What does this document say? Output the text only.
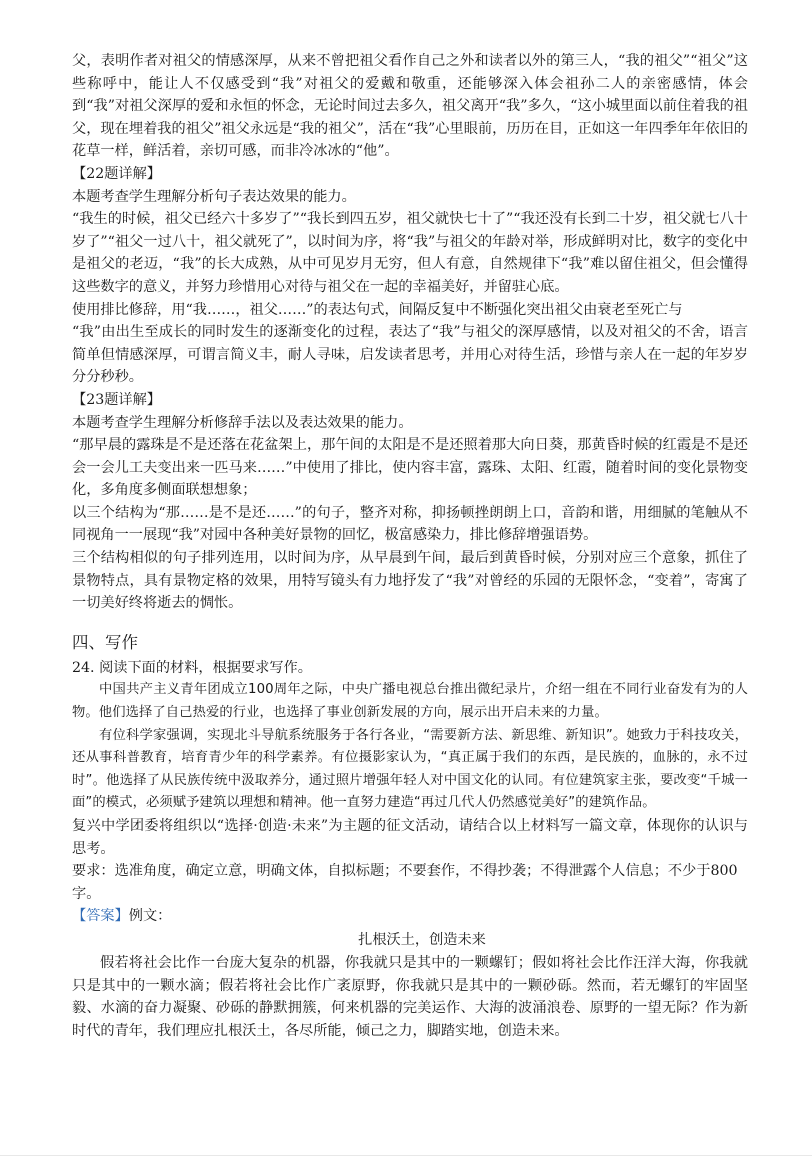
父，表明作者对祖父的情感深厚，从来不曾把祖父看作自己之外和读者以外的第三人，“我的祖父”“祖父”这些称呼中，能让人不仅感受到“我”对祖父的爱戴和敬重，还能够深入体会祖孙二人的亲密感情，体会到“我”对祖父深厚的爱和永恒的怀念，无论时间过去多久，祖父离开“我”多久，“这小城里面以前住着我的祖父，现在埋着我的祖父”祖父永远是“我的祖父”，活在“我”心里眼前，历历在目，正如这一年四季年年依旧的花草一样，鲜活着，亲切可感，而非冷冰冰的“他”。

【22题详解】

本题考查学生理解分析句子表达效果的能力。

“我生的时候，祖父已经六十多岁了”“我长到四五岁，祖父就快七十了”“我还没有长到二十岁，祖父就七八十岁了”“祖父一过八十，祖父就死了”，以时间为序，将“我”与祖父的年龄对举，形成鲜明对比，数字的变化中是祖父的老迈，“我”的长大成熟，从中可见岁月无穷，但人有意，自然规律下“我”难以留住祖父，但会懂得这些数字的意义，并努力珍惜用心对待与祖父在一起的幸福美好，并留驻心底。

使用排比修辞，用“我……，祖父……”的表达句式，间隔反复中不断强化突出祖父由衰老至死亡与

“我”由出生至成长的同时发生的逐渐变化的过程，表达了“我”与祖父的深厚感情，以及对祖父的不舍，语言简单但情感深厚，可谓言简义丰，耐人寻味，启发读者思考，并用心对待生活，珍惜与亲人在一起的年岁岁分分秒秒。

【23题详解】

本题考查学生理解分析修辞手法以及表达效果的能力。

“那早晨的露珠是不是还落在花盆架上，那午间的太阳是不是还照着那大向日葵，那黄昏时候的红霞是不是还会一会儿工夫变出来一匹马来……”中使用了排比，使内容丰富，露珠、太阳、红霞，随着时间的变化景物变化，多角度多侧面联想想象；

以三个结构为“那……是不是还……”的句子，整齐对称，抑扬顿挫朗朗上口，音韵和谐，用细腻的笔触从不同视角一一展现“我”对园中各种美好景物的回忆，极富感染力，排比修辞增强语势。

三个结构相似的句子排列连用，以时间为序，从早晨到午间，最后到黄昏时候，分别对应三个意象，抓住了景物特点，具有景物定格的效果，用特写镜头有力地抒发了“我”对曾经的乐园的无限怀念，“变着”，寄寓了一切美好终将逝去的惆怅。

四、写作

24. 阅读下面的材料，根据要求写作。

中国共产主义青年团成立100周年之际，中央广播电视总台推出微纪录片，介绍一组在不同行业奋发有为的人物。他们选择了自己热爱的行业，也选择了事业创新发展的方向，展示出开启未来的力量。

有位科学家强调，实现北斗导航系统服务于各行各业，“需要新方法、新思维、新知识”。她致力于科技攻关，还从事科普教育，培育青少年的科学素养。有位摄影家认为，“真正属于我们的东西，是民族的，血脉的，永不过时”。他选择了从民族传统中汲取养分，通过照片增强年轻人对中国文化的认同。有位建筑家主张，要改变“千城一面”的模式，必须赋予建筑以理想和精神。他一直努力建造“再过几代人仍然感觉美好”的建筑作品。

复兴中学团委将组织以“选择·创造·未来”为主题的征文活动，请结合以上材料写一篇文章，体现你的认识与思考。

要求：选准角度，确定立意，明确文体，自拟标题；不要套作，不得抄袭；不得泄露个人信息；不少于800字。

【答案】例文：

扎根沃土，创造未来

假若将社会比作一台庞大复杂的机器，你我就只是其中的一颗螺钉；假如将社会比作汪洋大海，你我就只是其中的一颗水滴；假若将社会比作广袤原野，你我就只是其中的一颗砂砾。然而，若无螺钉的牢固坚毅、水滴的奋力凝聚、砂砾的静默拥簇，何来机器的完美运作、大海的波涌浪卷、原野的一望无际？作为新时代的青年，我们理应扎根沃土，各尽所能，倾己之力，脚踏实地，创造未来。
